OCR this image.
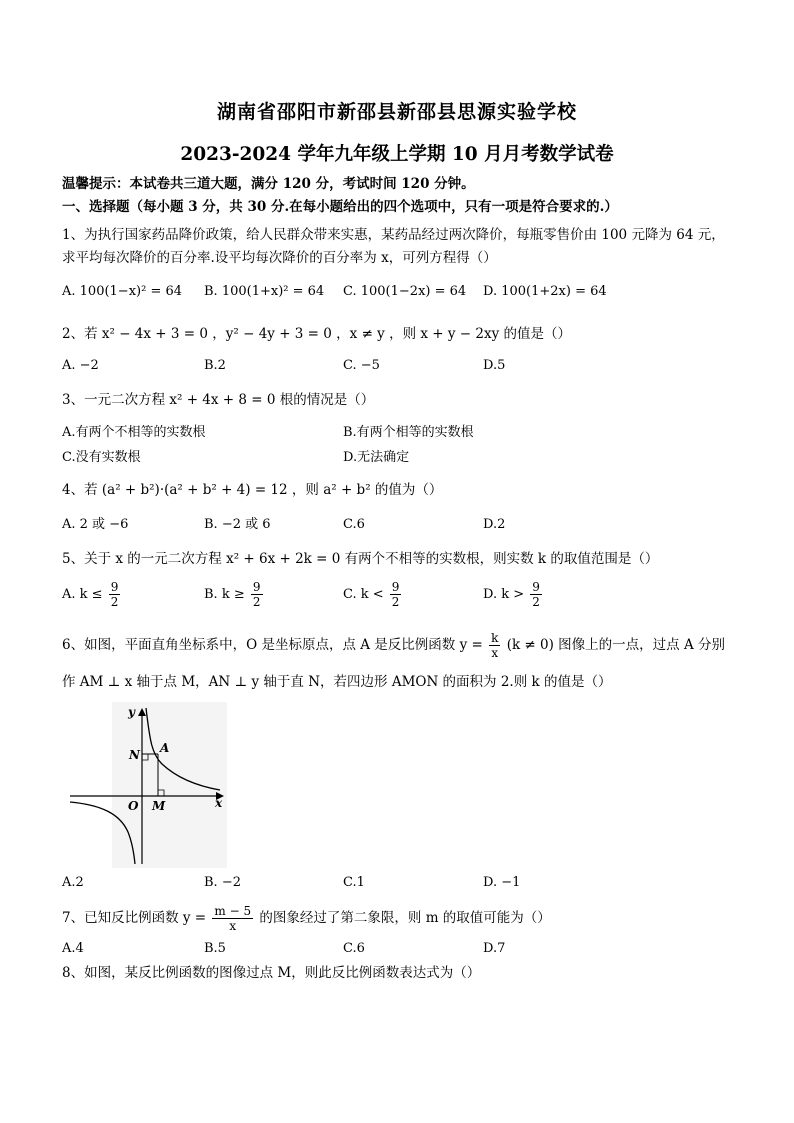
湖南省邵阳市新邵县新邵县思源实验学校
2023-2024 学年九年级上学期 10 月月考数学试卷
温馨提示：本试卷共三道大题，满分 120 分，考试时间 120 分钟。
一、选择题（每小题 3 分，共 30 分.在每小题给出的四个选项中，只有一项是符合要求的.）
1、为执行国家药品降价政策，给人民群众带来实惠，某药品经过两次降价，每瓶零售价由 100 元降为 64 元，
求平均每次降价的百分率.设平均每次降价的百分率为 x，可列方程得（）
A. 100(1−x)² = 64 B. 100(1+x)² = 64 C. 100(1−2x) = 64 D. 100(1+2x) = 64
2、若 x² − 4x + 3 = 0 ，y² − 4y + 3 = 0 ，x ≠ y ，则 x + y − 2xy 的值是（）
A. −2	B.2	C. −5	D.5
3、一元二次方程 x² + 4x + 8 = 0 根的情况是（）
A.有两个不相等的实数根	B.有两个相等的实数根
C.没有实数根	D.无法确定
4、若 (a² + b²)·(a² + b² + 4) = 12 ，则 a² + b² 的值为（）
A. 2 或 −6	B. −2 或 6	C.6	D.2
5、关于 x 的一元二次方程 x² + 6x + 2k = 0 有两个不相等的实数根，则实数 k 的取值范围是（）
A. $k \le \frac{9}{2}$	B. $k \ge \frac{9}{2}$	C. $k < \frac{9}{2}$	D. $k > \frac{9}{2}$
6、如图，平面直角坐标系中，O 是坐标原点，点 A 是反比例函数 $y = \frac{k}{x} (k \ne 0)$ 图像上的一点，过点 A 分别
作 AM ⊥ x 轴于点 M，AN ⊥ y 轴于直 N，若四边形 AMON 的面积为 2.则 k 的值是（）
y
x
N A
O M
A.2	B. −2	C.1	D. −1
7、已知反比例函数 $y = \frac{m - 5}{x}$ 的图象经过了第二象限，则 m 的取值可能为（）
A.4	B.5	C.6	D.7
8、如图，某反比例函数的图像过点 M，则此反比例函数表达式为（）
